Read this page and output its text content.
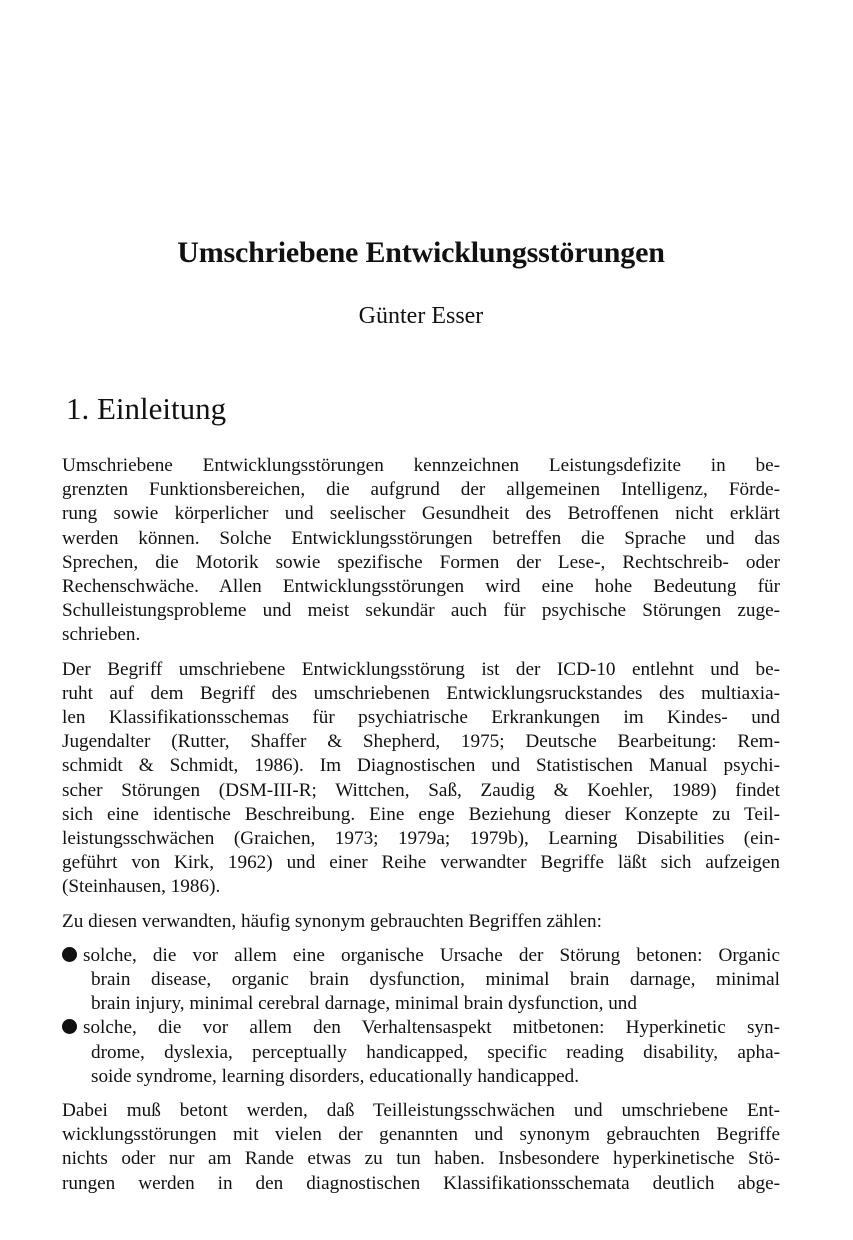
Umschriebene Entwicklungsstörungen
Günter Esser
1. Einleitung
Umschriebene Entwicklungsstörungen kennzeichnen Leistungsdefizite in be-
grenzten Funktionsbereichen, die aufgrund der allgemeinen Intelligenz, Förde-
rung sowie körperlicher und seelischer Gesundheit des Betroffenen nicht erklärt
werden können. Solche Entwicklungsstörungen betreffen die Sprache und das
Sprechen, die Motorik sowie spezifische Formen der Lese-, Rechtschreib- oder
Rechenschwäche. Allen Entwicklungsstörungen wird eine hohe Bedeutung für
Schulleistungsprobleme und meist sekundär auch für psychische Störungen zuge-
schrieben.
Der Begriff umschriebene Entwicklungsstörung ist der ICD-10 entlehnt und be-
ruht auf dem Begriff des umschriebenen Entwicklungsruckstandes des multiaxia-
len Klassifikationsschemas für psychiatrische Erkrankungen im Kindes- und
Jugendalter (Rutter, Shaffer & Shepherd, 1975; Deutsche Bearbeitung: Rem-
schmidt & Schmidt, 1986). Im Diagnostischen und Statistischen Manual psychi-
scher Störungen (DSM-III-R; Wittchen, Saß, Zaudig & Koehler, 1989) findet
sich eine identische Beschreibung. Eine enge Beziehung dieser Konzepte zu Teil-
leistungsschwächen (Graichen, 1973; 1979a; 1979b), Learning Disabilities (ein-
geführt von Kirk, 1962) und einer Reihe verwandter Begriffe läßt sich aufzeigen
(Steinhausen, 1986).
Zu diesen verwandten, häufig synonym gebrauchten Begriffen zählen:
solche, die vor allem eine organische Ursache der Störung betonen: Organic
brain disease, organic brain dysfunction, minimal brain darnage, minimal
brain injury, minimal cerebral darnage, minimal brain dysfunction, und
solche, die vor allem den Verhaltensaspekt mitbetonen: Hyperkinetic syn-
drome, dyslexia, perceptually handicapped, specific reading disability, apha-
soide syndrome, learning disorders, educationally handicapped.
Dabei muß betont werden, daß Teilleistungsschwächen und umschriebene Ent-
wicklungsstörungen mit vielen der genannten und synonym gebrauchten Begriffe
nichts oder nur am Rande etwas zu tun haben. Insbesondere hyperkinetische Stö-
rungen werden in den diagnostischen Klassifikationsschemata deutlich abge-
